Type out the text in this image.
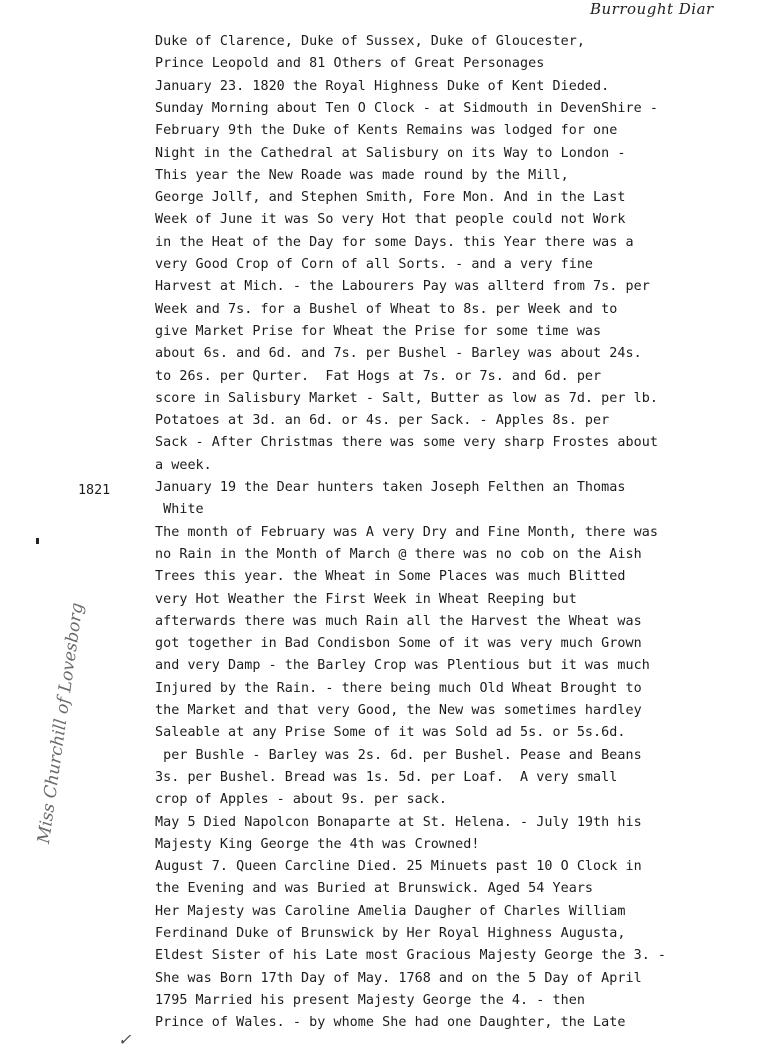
Burrought Diar
1821
Miss Churchill of Lovesborg
✓
Duke of Clarence, Duke of Sussex, Duke of Gloucester,
Prince Leopold and 81 Others of Great Personages
January 23. 1820 the Royal Highness Duke of Kent Dieded.
Sunday Morning about Ten O Clock - at Sidmouth in DevenShire -
February 9th the Duke of Kents Remains was lodged for one
Night in the Cathedral at Salisbury on its Way to London -
This year the New Roade was made round by the Mill,
George Jollf, and Stephen Smith, Fore Mon. And in the Last
Week of June it was So very Hot that people could not Work
in the Heat of the Day for some Days. this Year there was a
very Good Crop of Corn of all Sorts. - and a very fine
Harvest at Mich. - the Labourers Pay was allterd from 7s. per
Week and 7s. for a Bushel of Wheat to 8s. per Week and to
give Market Prise for Wheat the Prise for some time was
about 6s. and 6d. and 7s. per Bushel - Barley was about 24s.
to 26s. per Qurter.  Fat Hogs at 7s. or 7s. and 6d. per
score in Salisbury Market - Salt, Butter as low as 7d. per lb.
Potatoes at 3d. an 6d. or 4s. per Sack. - Apples 8s. per
Sack - After Christmas there was some very sharp Frostes about
a week.
January 19 the Dear hunters taken Joseph Felthen an Thomas
White
The month of February was A very Dry and Fine Month, there was
no Rain in the Month of March @ there was no cob on the Aish
Trees this year. the Wheat in Some Places was much Blitted
very Hot Weather the First Week in Wheat Reeping but
afterwards there was much Rain all the Harvest the Wheat was
got together in Bad Condisbon Some of it was very much Grown
and very Damp - the Barley Crop was Plentious but it was much
Injured by the Rain. - there being much Old Wheat Brought to
the Market and that very Good, the New was sometimes hardley
Saleable at any Prise Some of it was Sold ad 5s. or 5s.6d.
per Bushle - Barley was 2s. 6d. per Bushel. Pease and Beans
3s. per Bushel. Bread was 1s. 5d. per Loaf.  A very small
crop of Apples - about 9s. per sack.
May 5 Died Napolcon Bonaparte at St. Helena. - July 19th his
Majesty King George the 4th was Crowned!
August 7. Queen Carcline Died. 25 Minuets past 10 O Clock in
the Evening and was Buried at Brunswick. Aged 54 Years
Her Majesty was Caroline Amelia Daugher of Charles William
Ferdinand Duke of Brunswick by Her Royal Highness Augusta,
Eldest Sister of his Late most Gracious Majesty George the 3. -
She was Born 17th Day of May. 1768 and on the 5 Day of April
1795 Married his present Majesty George the 4. - then
Prince of Wales. - by whome She had one Daughter, the Late
